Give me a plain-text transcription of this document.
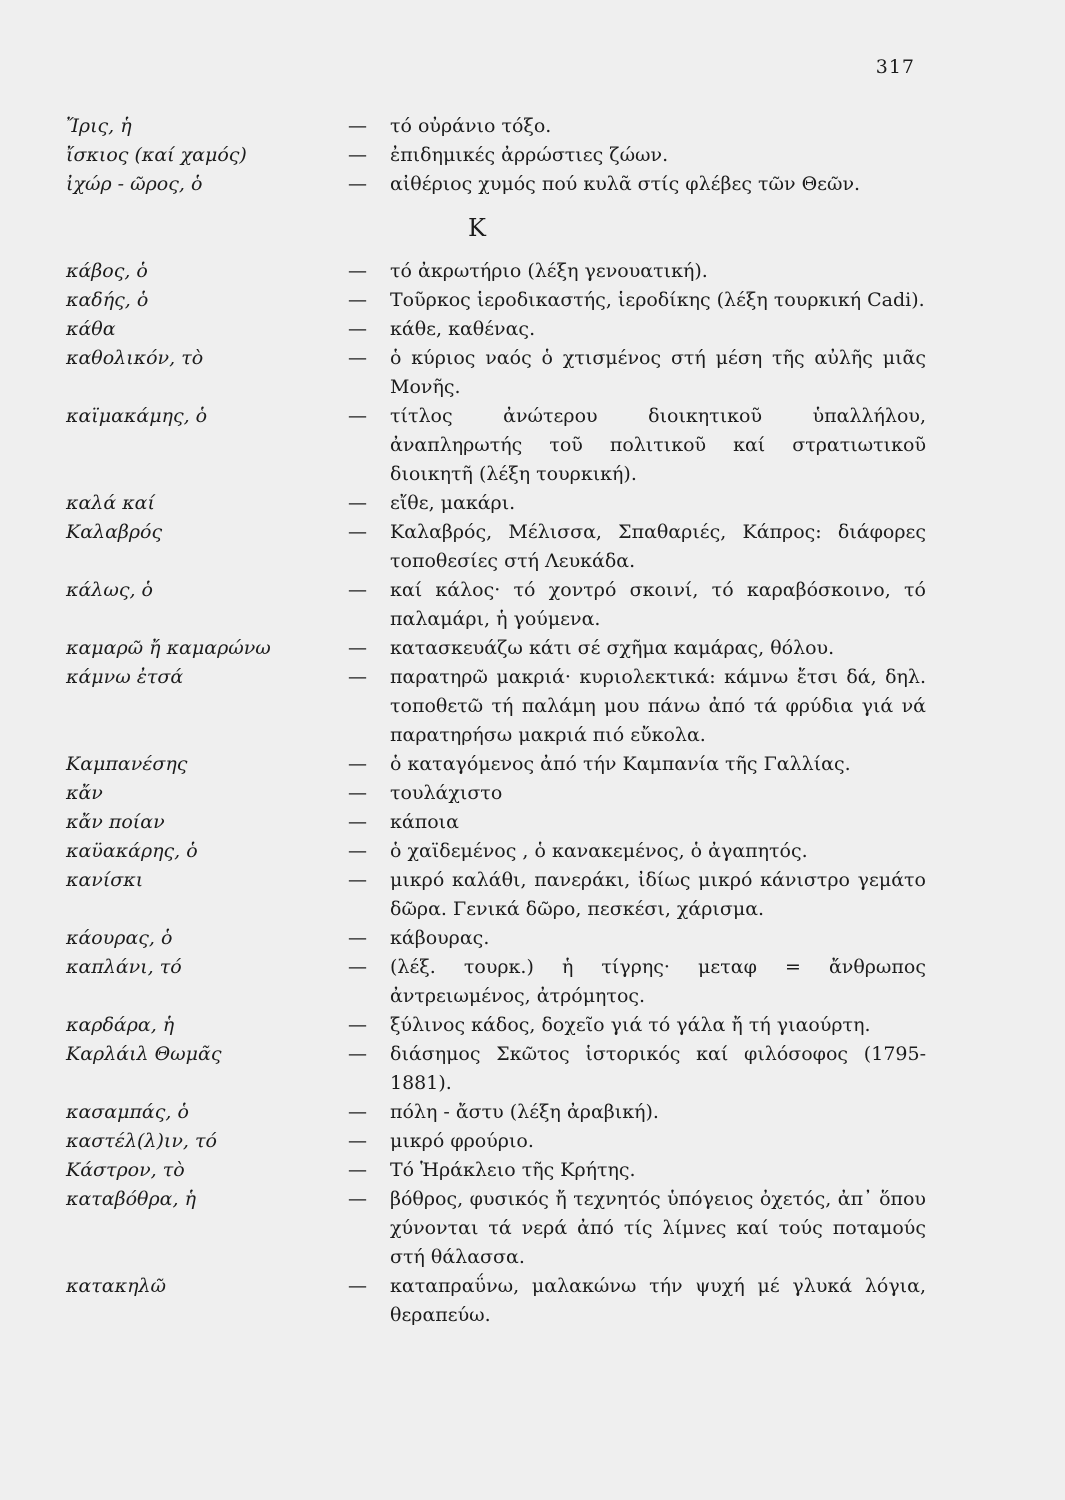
317
Ἴρις, ἡ	— τό οὐράνιο τόξο.
ἴσκιος (καί χαμός)	— ἐπιδημικές ἀρρώστιες ζώων.
ἰχώρ - ῶρος, ὁ	— αἰθέριος χυμός πού κυλᾶ στίς φλέβες τῶν Θεῶν.
Κ
κάβος, ὁ	— τό ἀκρωτήριο (λέξη γενουατική).
καδής, ὁ	— Τοῦρκος ἱεροδικαστής, ἱεροδίκης (λέξη τουρκική Cadi).
κάθα	— κάθε, καθένας.
καθολικόν, τὸ	— ὁ κύριος ναός ὁ χτισμένος στή μέση τῆς αὐλῆς μιᾶς Μονῆς.
καϊμακάμης, ὁ	— τίτλος ἀνώτερου διοικητικοῦ ὑπαλλήλου, ἀναπληρωτής τοῦ πολιτικοῦ καί στρατιωτικοῦ διοικητῆ (λέξη τουρκική).
καλά καί	— εἴθε, μακάρι.
Καλαβρός	— Καλαβρός, Μέλισσα, Σπαθαριές, Κάπρος: διάφορες τοποθεσίες στή Λευκάδα.
κάλως, ὁ	— καί κάλος· τό χοντρό σκοινί, τό καραβόσκοινο, τό παλαμάρι, ἡ γούμενα.
καμαρῶ ἤ καμαρώνω	— κατασκευάζω κάτι σέ σχῆμα καμάρας, θόλου.
κάμνω ἐτσά	— παρατηρῶ μακριά· κυριολεκτικά: κάμνω ἔτσι δά, δηλ. τοποθετῶ τή παλάμη μου πάνω ἀπό τά φρύδια γιά νά παρατηρήσω μακριά πιό εὔκολα.
Καμπανέσης	— ὁ καταγόμενος ἀπό τήν Καμπανία τῆς Γαλλίας.
κἄν	— τουλάχιστο
κἄν ποίαν	— κάποια
καϋακάρης, ὁ	— ὁ χαϊδεμένος , ὁ κανακεμένος, ὁ ἀγαπητός.
κανίσκι	— μικρό καλάθι, πανεράκι, ἰδίως μικρό κάνιστρο γεμάτο δῶρα. Γενικά δῶρο, πεσκέσι, χάρισμα.
κάουρας, ὁ	— κάβουρας.
καπλάνι, τό	— (λέξ. τουρκ.) ἡ τίγρης· μεταφ = ἄνθρωπος ἀντρειωμένος, ἀτρόμητος.
καρδάρα, ἡ	— ξύλινος κάδος, δοχεῖο γιά τό γάλα ἤ τή γιαούρτη.
Καρλάιλ Θωμᾶς	— διάσημος Σκῶτος ἱστορικός καί φιλόσοφος (1795-1881).
κασαμπάς, ὁ	— πόλη - ἄστυ (λέξη ἀραβική).
καστέλ(λ)ιν, τό	— μικρό φρούριο.
Κάστρον, τὸ	— Τό Ἡράκλειο τῆς Κρήτης.
καταβόθρα, ἡ	— βόθρος, φυσικός ἤ τεχνητός ὑπόγειος ὀχετός, ἀπ᾿ ὅπου χύνονται τά νερά ἀπό τίς λίμνες καί τούς ποταμούς στή θάλασσα.
κατακηλῶ	— καταπραΰνω, μαλακώνω τήν ψυχή μέ γλυκά λόγια, θεραπεύω.
